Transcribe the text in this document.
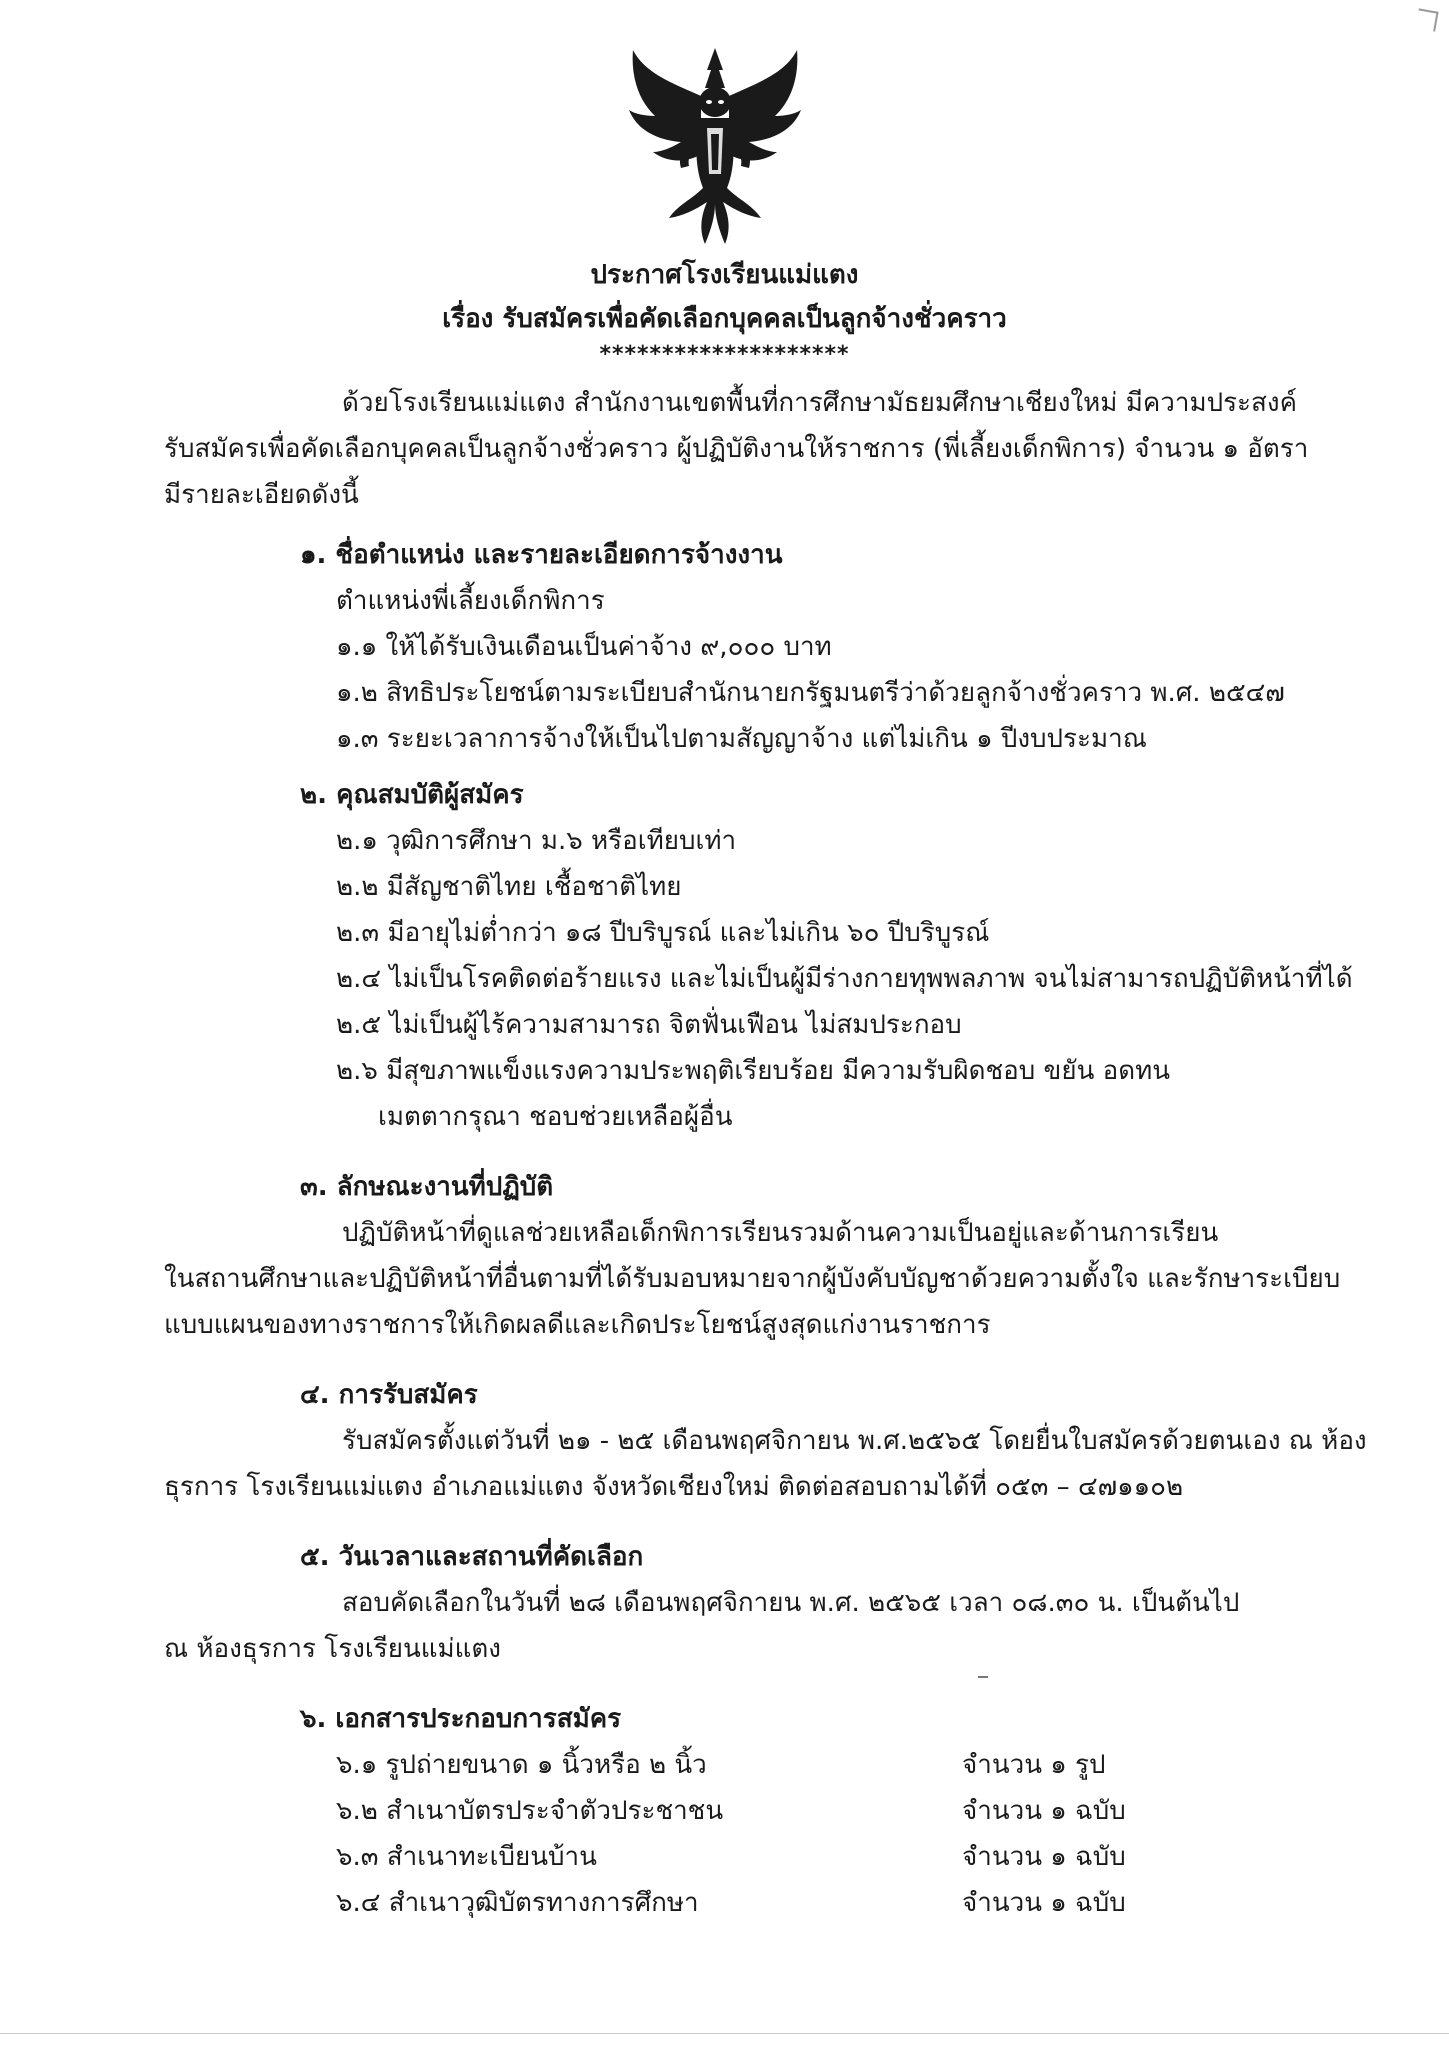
ประกาศโรงเรียนแม่แตง
เรื่อง รับสมัครเพื่อคัดเลือกบุคคลเป็นลูกจ้างชั่วคราว
********************
ด้วยโรงเรียนแม่แตง สำนักงานเขตพื้นที่การศึกษามัธยมศึกษาเชียงใหม่ มีความประสงค์
รับสมัครเพื่อคัดเลือกบุคคลเป็นลูกจ้างชั่วคราว ผู้ปฏิบัติงานให้ราชการ (พี่เลี้ยงเด็กพิการ) จำนวน ๑ อัตรา
มีรายละเอียดดังนี้
๑. ชื่อตำแหน่ง และรายละเอียดการจ้างงาน
ตำแหน่งพี่เลี้ยงเด็กพิการ
๑.๑ ให้ได้รับเงินเดือนเป็นค่าจ้าง ๙,๐๐๐ บาท
๑.๒ สิทธิประโยชน์ตามระเบียบสำนักนายกรัฐมนตรีว่าด้วยลูกจ้างชั่วคราว พ.ศ. ๒๕๔๗
๑.๓ ระยะเวลาการจ้างให้เป็นไปตามสัญญาจ้าง แต่ไม่เกิน ๑ ปีงบประมาณ
๒. คุณสมบัติผู้สมัคร
๒.๑ วุฒิการศึกษา ม.๖ หรือเทียบเท่า
๒.๒ มีสัญชาติไทย เชื้อชาติไทย
๒.๓ มีอายุไม่ต่ำกว่า ๑๘ ปีบริบูรณ์ และไม่เกิน ๖๐ ปีบริบูรณ์
๒.๔ ไม่เป็นโรคติดต่อร้ายแรง และไม่เป็นผู้มีร่างกายทุพพลภาพ จนไม่สามารถปฏิบัติหน้าที่ได้
๒.๕ ไม่เป็นผู้ไร้ความสามารถ จิตฟั่นเฟือน ไม่สมประกอบ
๒.๖ มีสุขภาพแข็งแรงความประพฤติเรียบร้อย มีความรับผิดชอบ ขยัน อดทน
เมตตากรุณา ชอบช่วยเหลือผู้อื่น
๓. ลักษณะงานที่ปฏิบัติ
ปฏิบัติหน้าที่ดูแลช่วยเหลือเด็กพิการเรียนรวมด้านความเป็นอยู่และด้านการเรียน
ในสถานศึกษาและปฏิบัติหน้าที่อื่นตามที่ได้รับมอบหมายจากผู้บังคับบัญชาด้วยความตั้งใจ และรักษาระเบียบ
แบบแผนของทางราชการให้เกิดผลดีและเกิดประโยชน์สูงสุดแก่งานราชการ
๔. การรับสมัคร
รับสมัครตั้งแต่วันที่ ๒๑ - ๒๕ เดือนพฤศจิกายน พ.ศ.๒๕๖๕ โดยยื่นใบสมัครด้วยตนเอง ณ ห้อง
ธุรการ โรงเรียนแม่แตง อำเภอแม่แตง จังหวัดเชียงใหม่ ติดต่อสอบถามได้ที่ ๐๕๓ – ๔๗๑๑๐๒
๕. วันเวลาและสถานที่คัดเลือก
สอบคัดเลือกในวันที่ ๒๘ เดือนพฤศจิกายน พ.ศ. ๒๕๖๕ เวลา ๐๘.๓๐ น. เป็นต้นไป
ณ ห้องธุรการ โรงเรียนแม่แตง
๖. เอกสารประกอบการสมัคร
๖.๑ รูปถ่ายขนาด ๑ นิ้วหรือ ๒ นิ้ว	จำนวน ๑ รูป
๖.๒ สำเนาบัตรประจำตัวประชาชน	จำนวน ๑ ฉบับ
๖.๓ สำเนาทะเบียนบ้าน	จำนวน ๑ ฉบับ
๖.๔ สำเนาวุฒิบัตรทางการศึกษา	จำนวน ๑ ฉบับ
